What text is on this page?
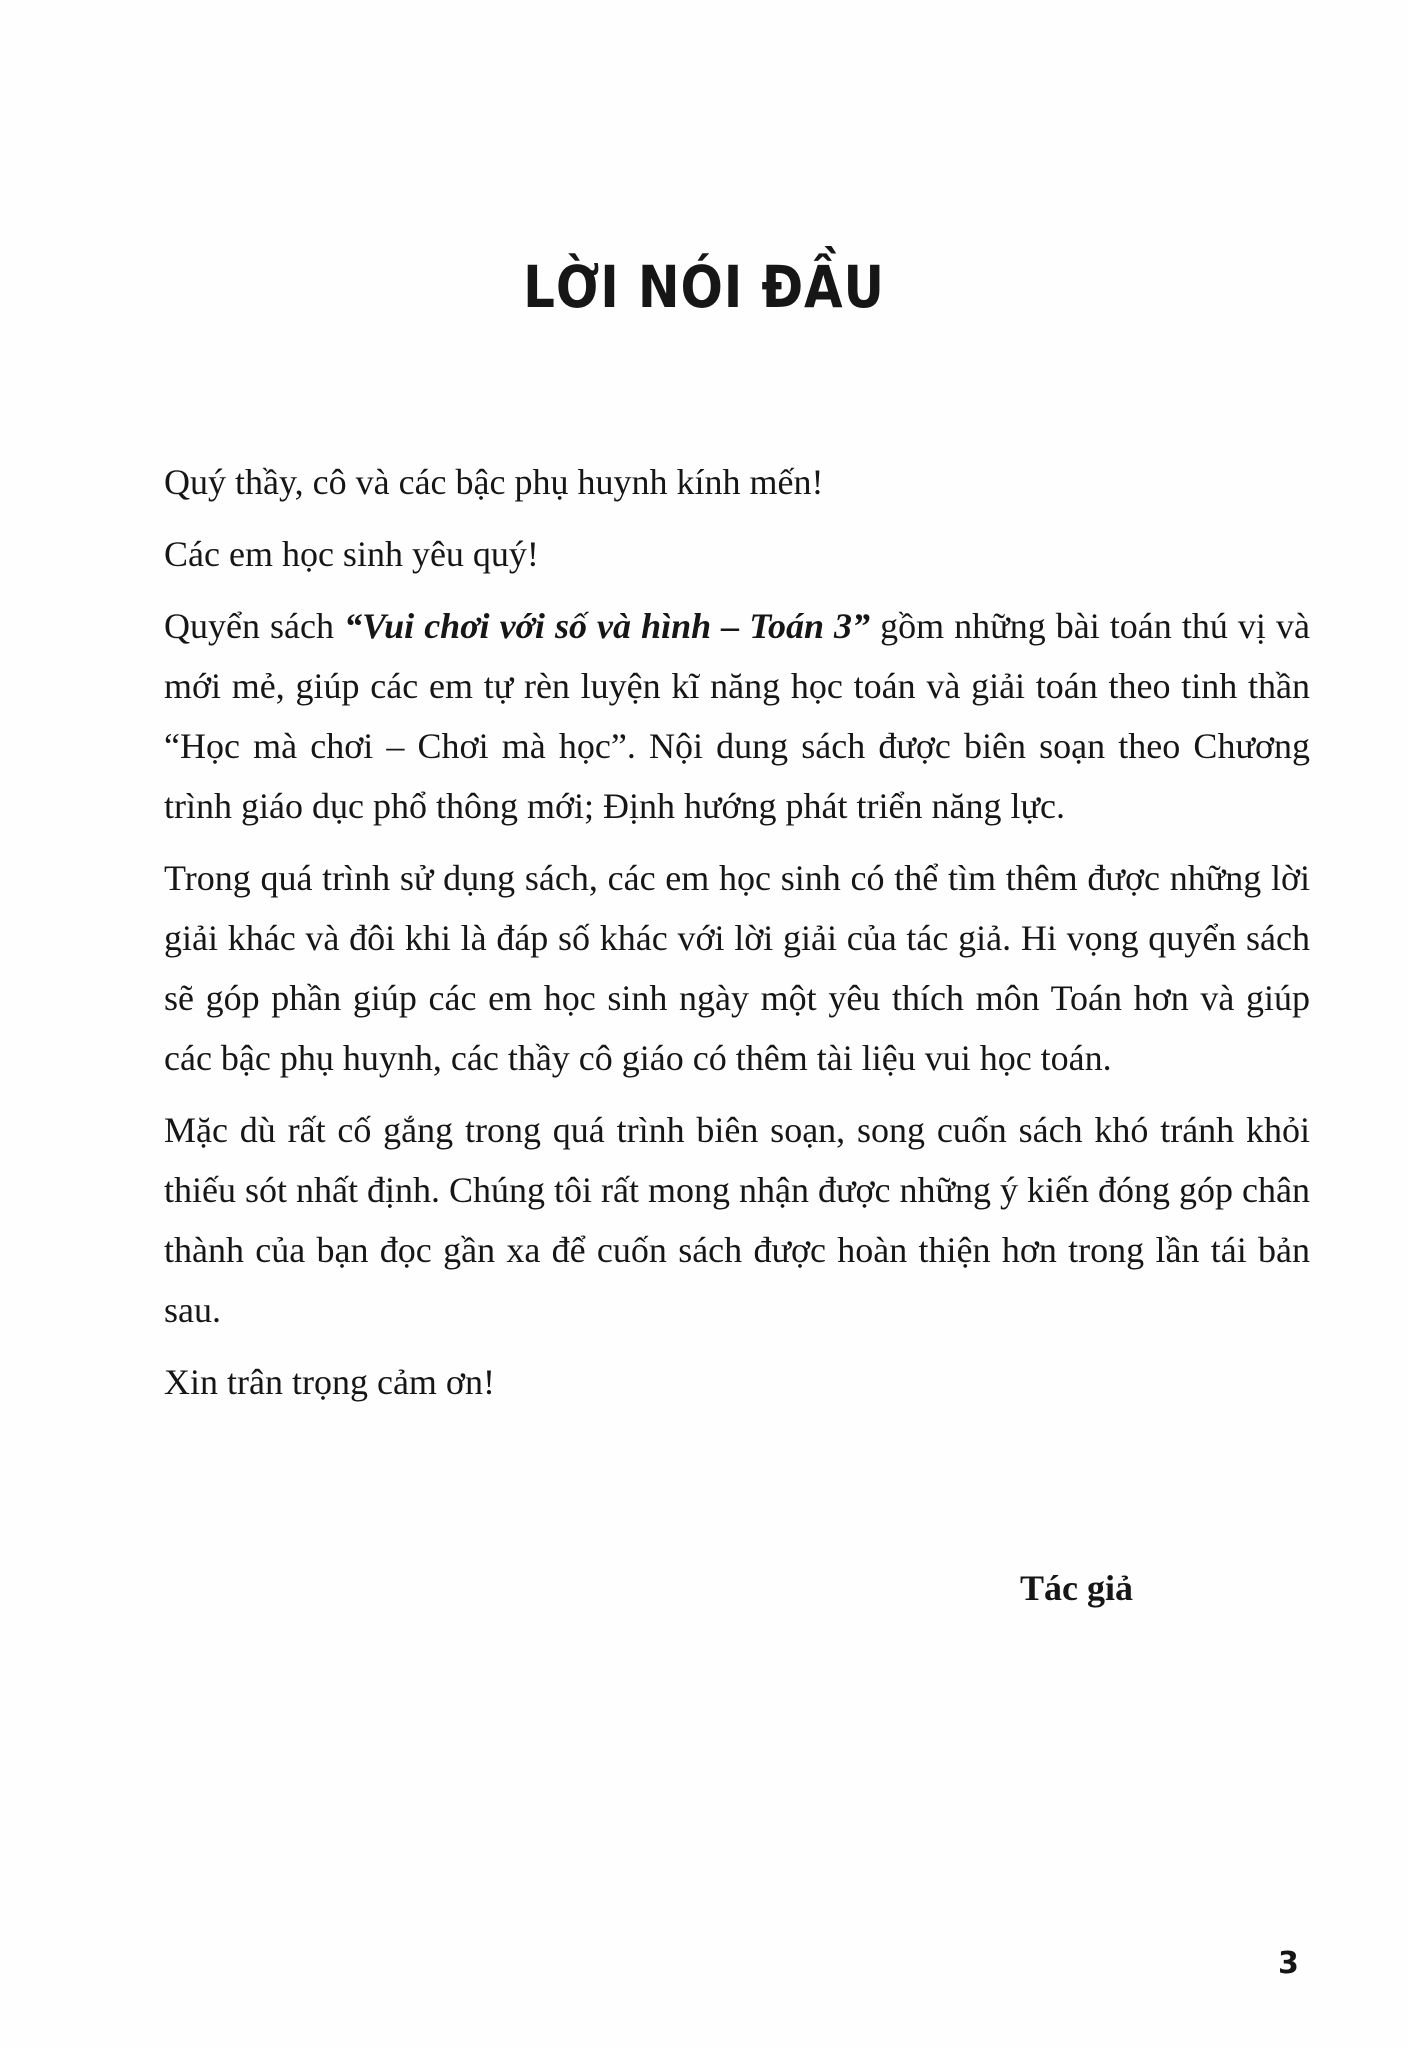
LỜI NÓI ĐẦU

Quý thầy, cô và các bậc phụ huynh kính mến!

Các em học sinh yêu quý!

Quyển sách “Vui chơi với số và hình – Toán 3” gồm những bài toán thú vị và mới mẻ, giúp các em tự rèn luyện kĩ năng học toán và giải toán theo tinh thần “Học mà chơi – Chơi mà học”. Nội dung sách được biên soạn theo Chương trình giáo dục phổ thông mới; Định hướng phát triển năng lực.

Trong quá trình sử dụng sách, các em học sinh có thể tìm thêm được những lời giải khác và đôi khi là đáp số khác với lời giải của tác giả. Hi vọng quyển sách sẽ góp phần giúp các em học sinh ngày một yêu thích môn Toán hơn và giúp các bậc phụ huynh, các thầy cô giáo có thêm tài liệu vui học toán.

Mặc dù rất cố gắng trong quá trình biên soạn, song cuốn sách khó tránh khỏi thiếu sót nhất định. Chúng tôi rất mong nhận được những ý kiến đóng góp chân thành của bạn đọc gần xa để cuốn sách được hoàn thiện hơn trong lần tái bản sau.

Xin trân trọng cảm ơn!

Tác giả
3
